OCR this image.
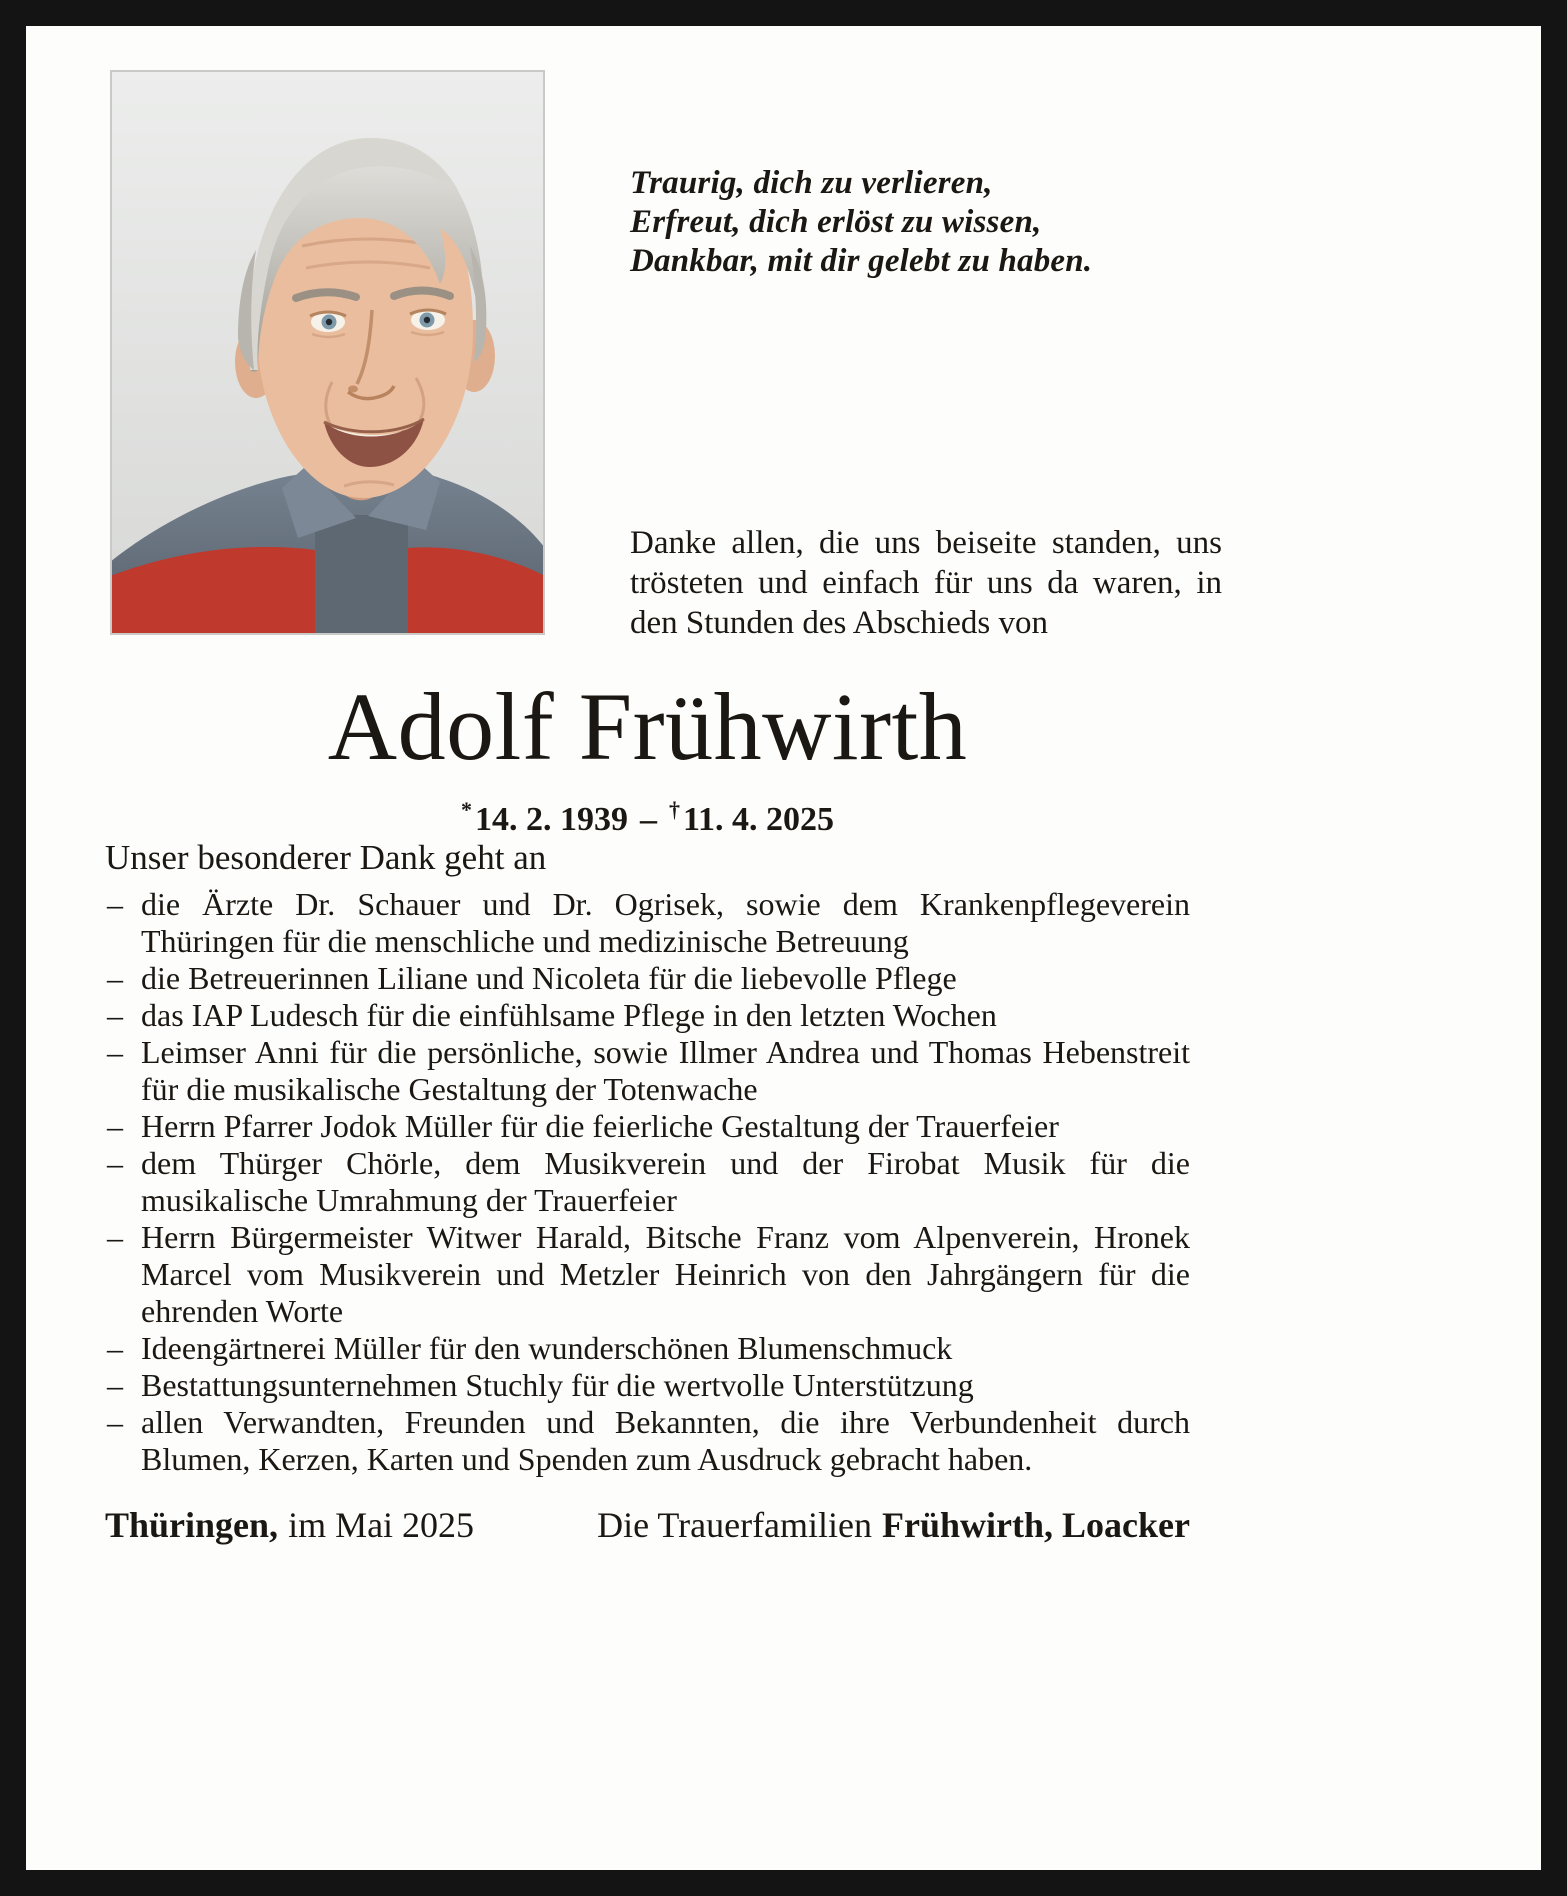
Traurig, dich zu verlieren,
Erfreut, dich erlöst zu wissen,
Dankbar, mit dir gelebt zu haben.

Danke allen, die uns beiseite standen, uns trösteten und einfach für uns da waren, in den Stunden des Abschieds von

Adolf Frühwirth
*14. 2. 1939 – †11. 4. 2025
Unser besonderer Dank geht an
– die Ärzte Dr. Schauer und Dr. Ogrisek, sowie dem Krankenpflegeverein Thüringen für die menschliche und medizinische Betreuung
– die Betreuerinnen Liliane und Nicoleta für die liebevolle Pflege
– das IAP Ludesch für die einfühlsame Pflege in den letzten Wochen
– Leimser Anni für die persönliche, sowie Illmer Andrea und Thomas Hebenstreit für die musikalische Gestaltung der Totenwache
– Herrn Pfarrer Jodok Müller für die feierliche Gestaltung der Trauerfeier
– dem Thürger Chörle, dem Musikverein und der Firobat Musik für die musikalische Umrahmung der Trauerfeier
– Herrn Bürgermeister Witwer Harald, Bitsche Franz vom Alpenverein, Hronek Marcel vom Musikverein und Metzler Heinrich von den Jahrgängern für die ehrenden Worte
– Ideengärtnerei Müller für den wunderschönen Blumenschmuck
– Bestattungsunternehmen Stuchly für die wertvolle Unterstützung
– allen Verwandten, Freunden und Bekannten, die ihre Verbundenheit durch Blumen, Kerzen, Karten und Spenden zum Ausdruck gebracht haben.
Thüringen, im Mai 2025	Die Trauerfamilien Frühwirth, Loacker
